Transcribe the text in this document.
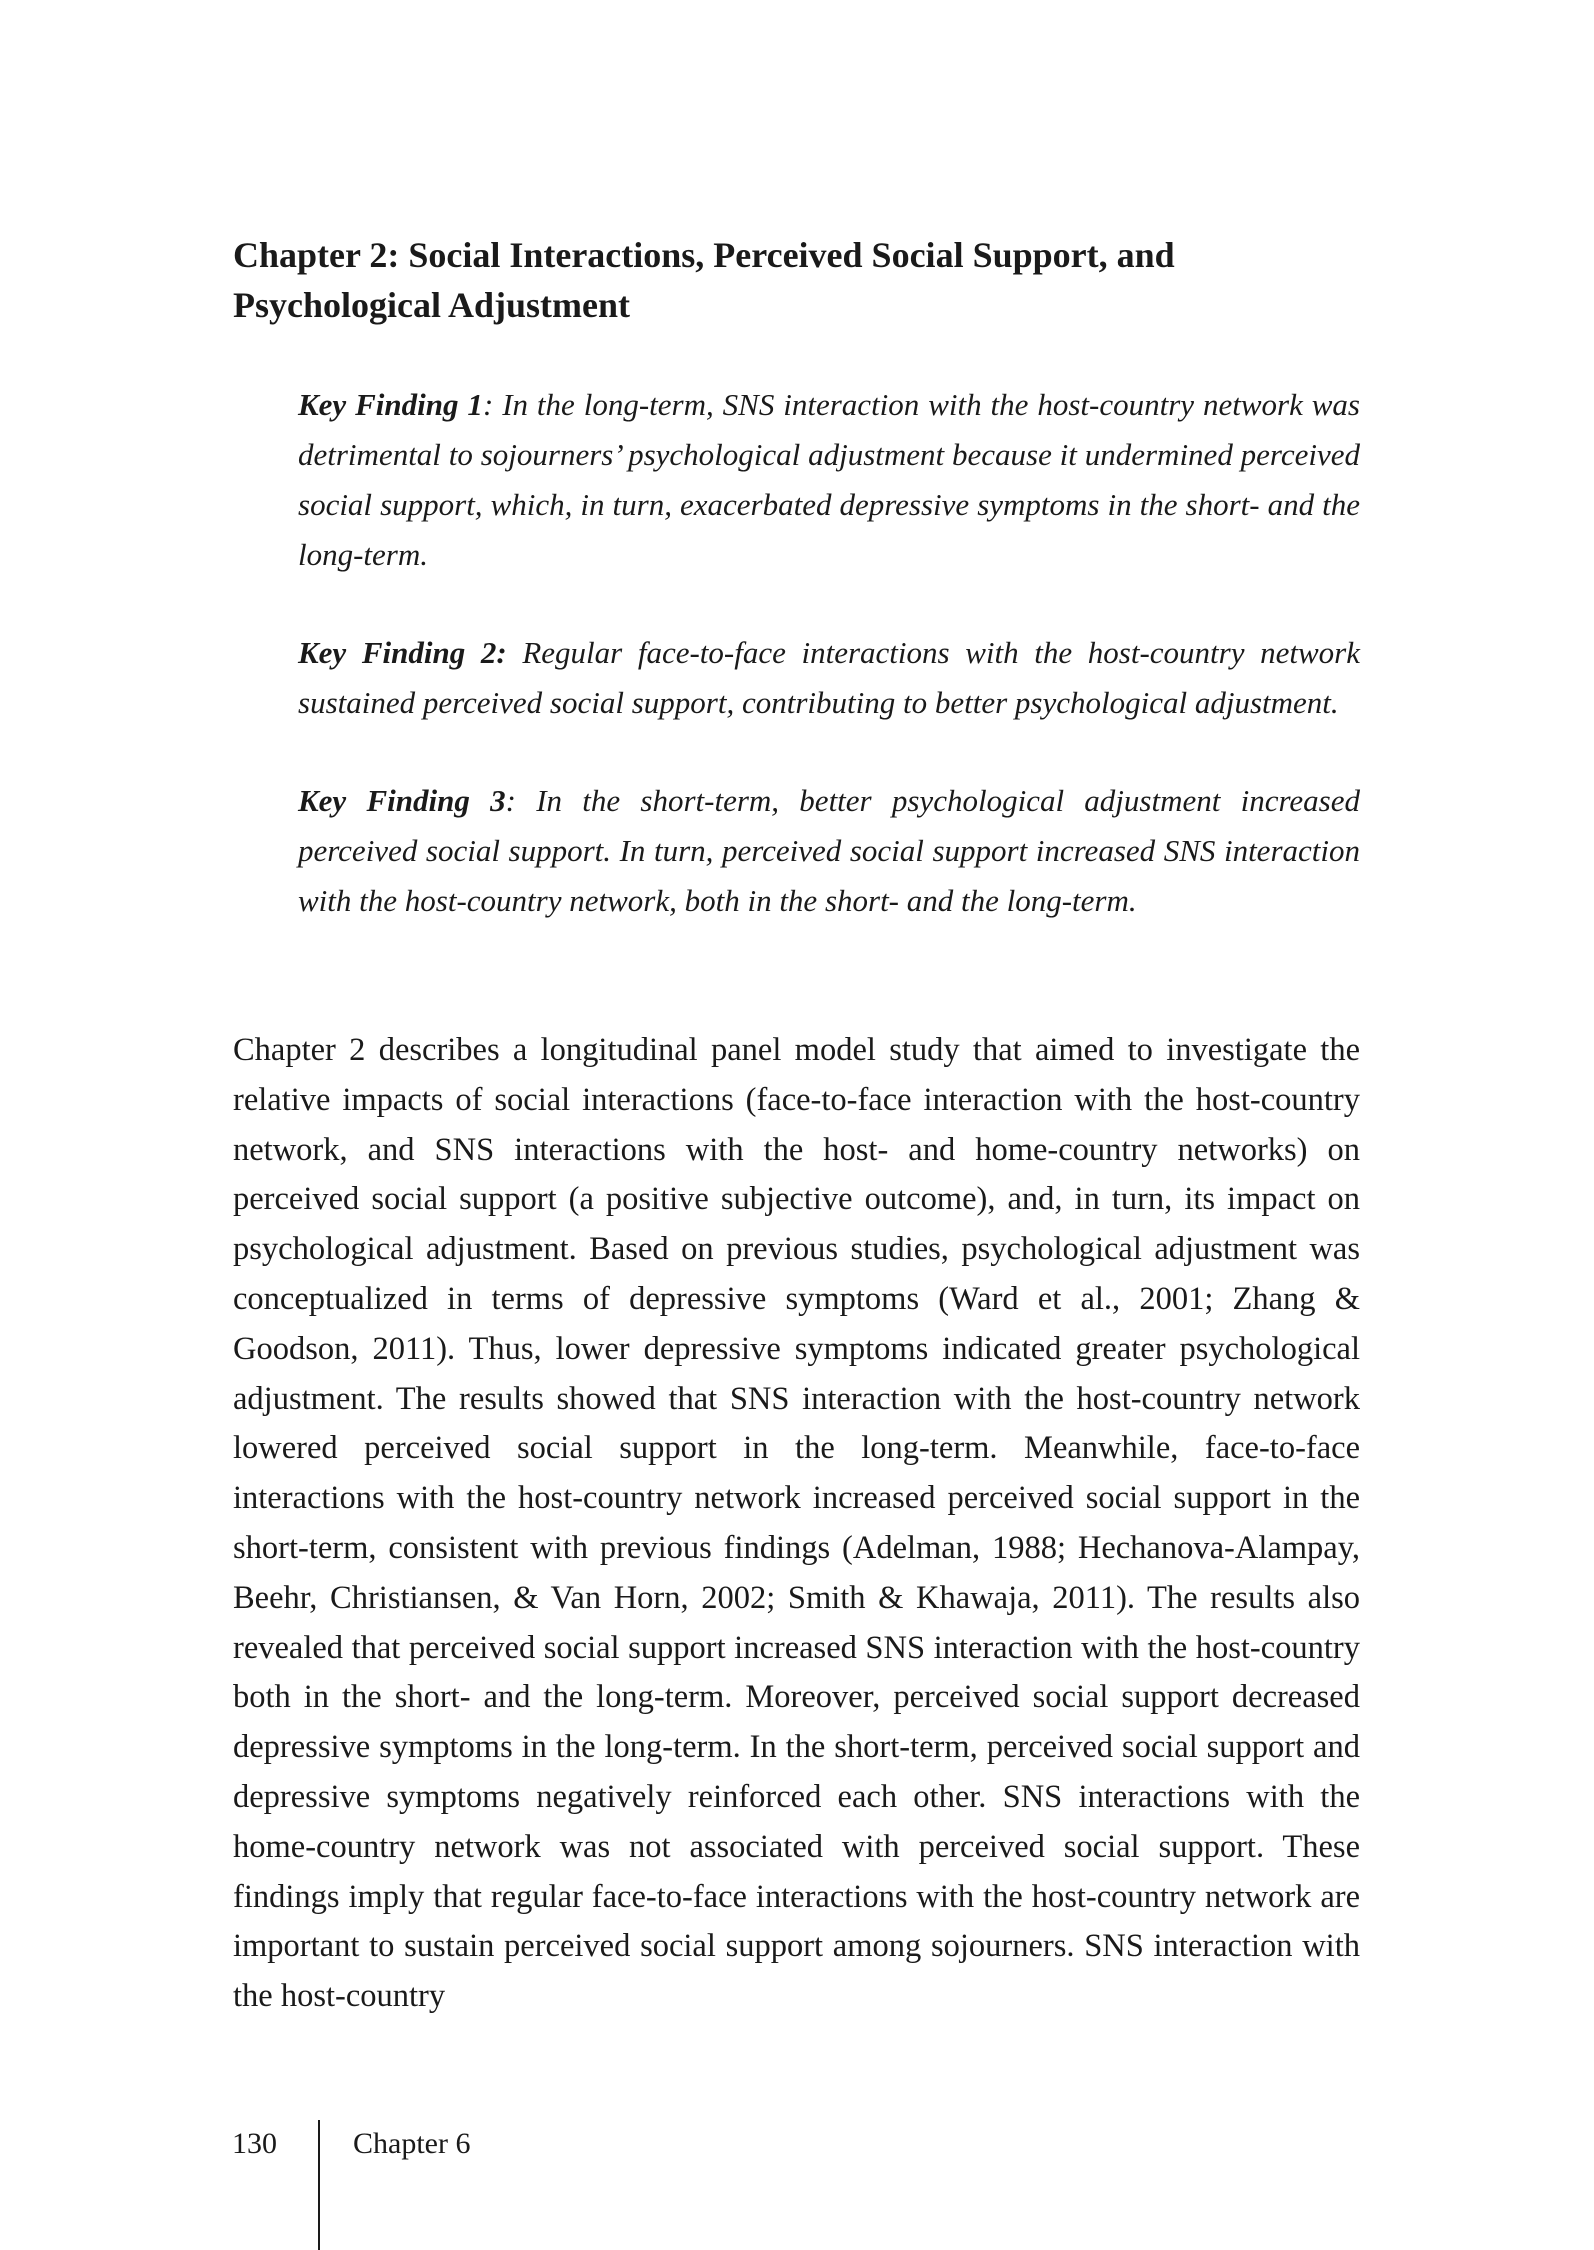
Chapter 2: Social Interactions, Perceived Social Support, and Psychological Adjustment

Key Finding 1: In the long-term, SNS interaction with the host-country network was detrimental to sojourners’ psychological adjustment because it undermined perceived social support, which, in turn, exacerbated depressive symptoms in the short- and the long-term.

Key Finding 2: Regular face-to-face interactions with the host-country network sustained perceived social support, contributing to better psychological adjustment.

Key Finding 3: In the short-term, better psychological adjustment increased perceived social support. In turn, perceived social support increased SNS interaction with the host-country network, both in the short- and the long-term.

Chapter 2 describes a longitudinal panel model study that aimed to investigate the relative impacts of social interactions (face-to-face interaction with the host-country network, and SNS interactions with the host- and home-country networks) on perceived social support (a positive subjective outcome), and, in turn, its impact on psychological adjustment. Based on previous studies, psychological adjustment was conceptualized in terms of depressive symptoms (Ward et al., 2001; Zhang & Goodson, 2011). Thus, lower depressive symptoms indicated greater psychological adjustment. The results showed that SNS interaction with the host-country network lowered perceived social support in the long-term. Meanwhile, face-to-face interactions with the host-country network increased perceived social support in the short-term, consistent with previous findings (Adelman, 1988; Hechanova-Alampay, Beehr, Christiansen, & Van Horn, 2002; Smith & Khawaja, 2011). The results also revealed that perceived social support increased SNS interaction with the host-country both in the short- and the long-term. Moreover, perceived social support decreased depressive symptoms in the long-term. In the short-term, perceived social support and depressive symptoms negatively reinforced each other. SNS interactions with the home-country network was not associated with perceived social support. These findings imply that regular face-to-face interactions with the host-country network are important to sustain perceived social support among sojourners. SNS interaction with the host-country

130	Chapter 6
